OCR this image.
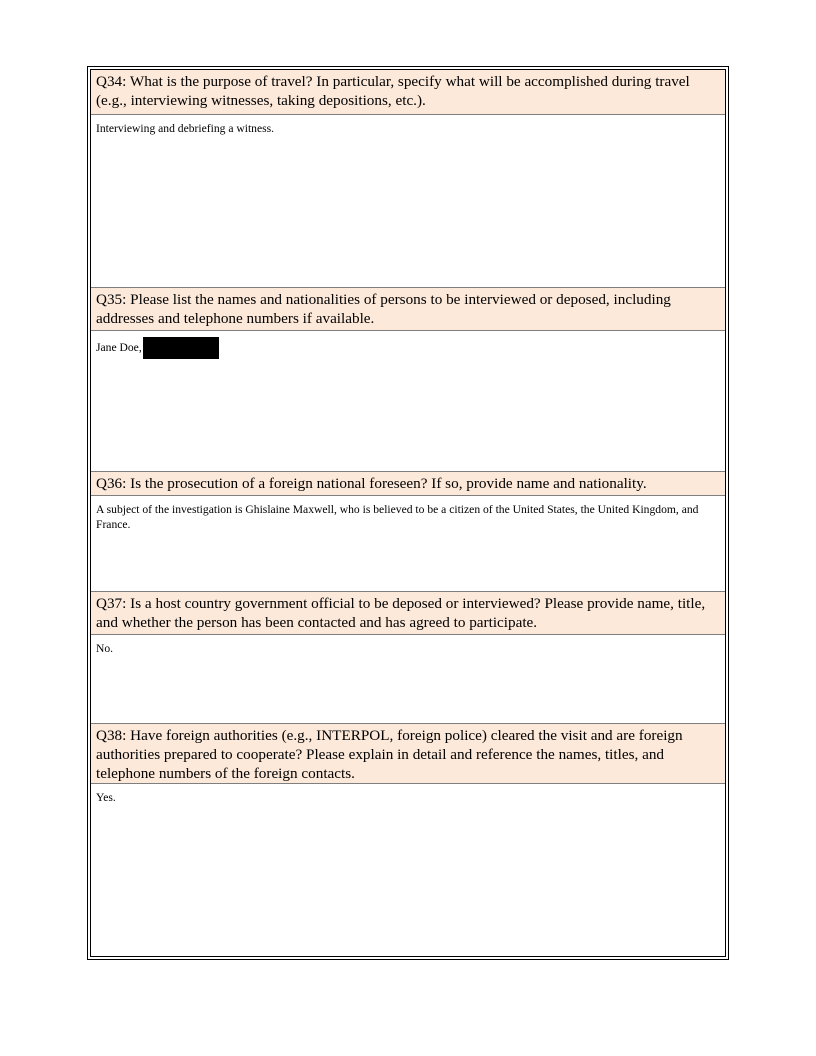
Q34: What is the purpose of travel? In particular, specify what will be accomplished during travel (e.g., interviewing witnesses, taking depositions, etc.).
Interviewing and debriefing a witness.
Q35: Please list the names and nationalities of persons to be interviewed or deposed, including addresses and telephone numbers if available.
Jane Doe,
Q36: Is the prosecution of a foreign national foreseen? If so, provide name and nationality.
A subject of the investigation is Ghislaine Maxwell, who is believed to be a citizen of the United States, the United Kingdom, and France.
Q37: Is a host country government official to be deposed or interviewed? Please provide name, title, and whether the person has been contacted and has agreed to participate.
No.
Q38: Have foreign authorities (e.g., INTERPOL, foreign police) cleared the visit and are foreign authorities prepared to cooperate? Please explain in detail and reference the names, titles, and telephone numbers of the foreign contacts.
Yes.
